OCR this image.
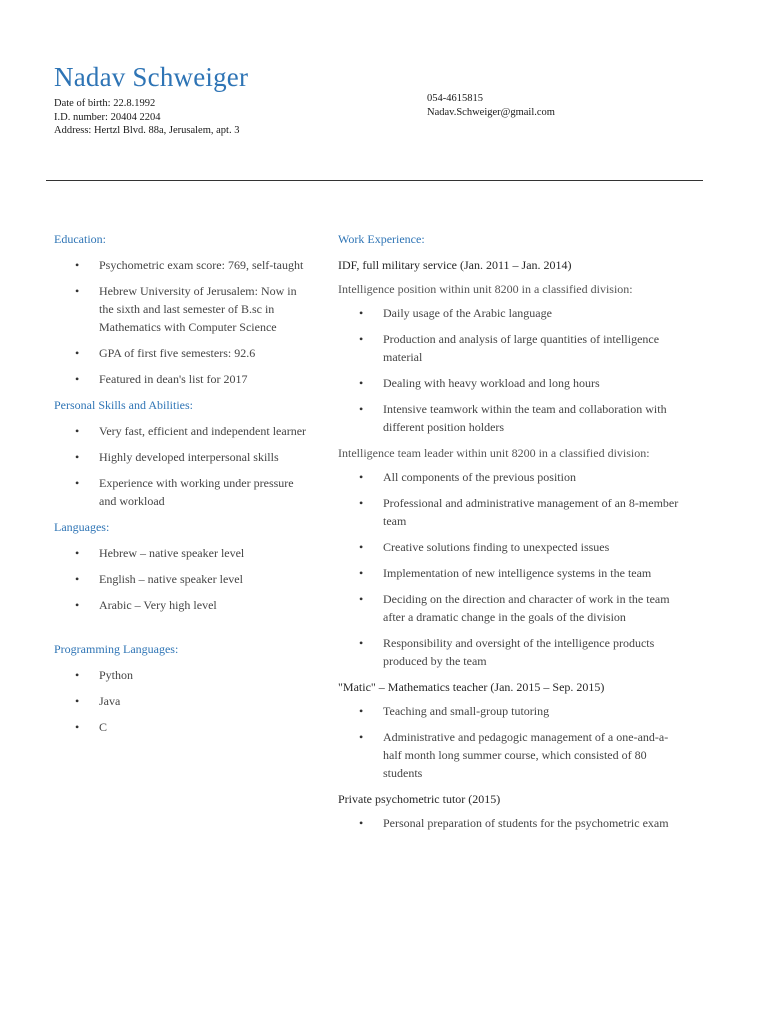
Nadav Schweiger
Date of birth: 22.8.1992
I.D. number: 20404 2204
Address: Hertzl Blvd. 88a, Jerusalem, apt. 3
054-4615815
Nadav.Schweiger@gmail.com
Education:
• Psychometric exam score: 769, self-taught
• Hebrew University of Jerusalem: Now in the sixth and last semester of B.sc in Mathematics with Computer Science
• GPA of first five semesters: 92.6
• Featured in dean's list for 2017
Personal Skills and Abilities:
• Very fast, efficient and independent learner
• Highly developed interpersonal skills
• Experience with working under pressure and workload
Languages:
• Hebrew – native speaker level
• English – native speaker level
• Arabic – Very high level
Programming Languages:
• Python
• Java
• C
Work Experience:
IDF, full military service (Jan. 2011 – Jan. 2014)
Intelligence position within unit 8200 in a classified division:
• Daily usage of the Arabic language
• Production and analysis of large quantities of intelligence material
• Dealing with heavy workload and long hours
• Intensive teamwork within the team and collaboration with different position holders
Intelligence team leader within unit 8200 in a classified division:
• All components of the previous position
• Professional and administrative management of an 8-member team
• Creative solutions finding to unexpected issues
• Implementation of new intelligence systems in the team
• Deciding on the direction and character of work in the team after a dramatic change in the goals of the division
• Responsibility and oversight of the intelligence products produced by the team
"Matic" – Mathematics teacher (Jan. 2015 – Sep. 2015)
• Teaching and small-group tutoring
• Administrative and pedagogic management of a one-and-a-half month long summer course, which consisted of 80 students
Private psychometric tutor (2015)
• Personal preparation of students for the psychometric exam
